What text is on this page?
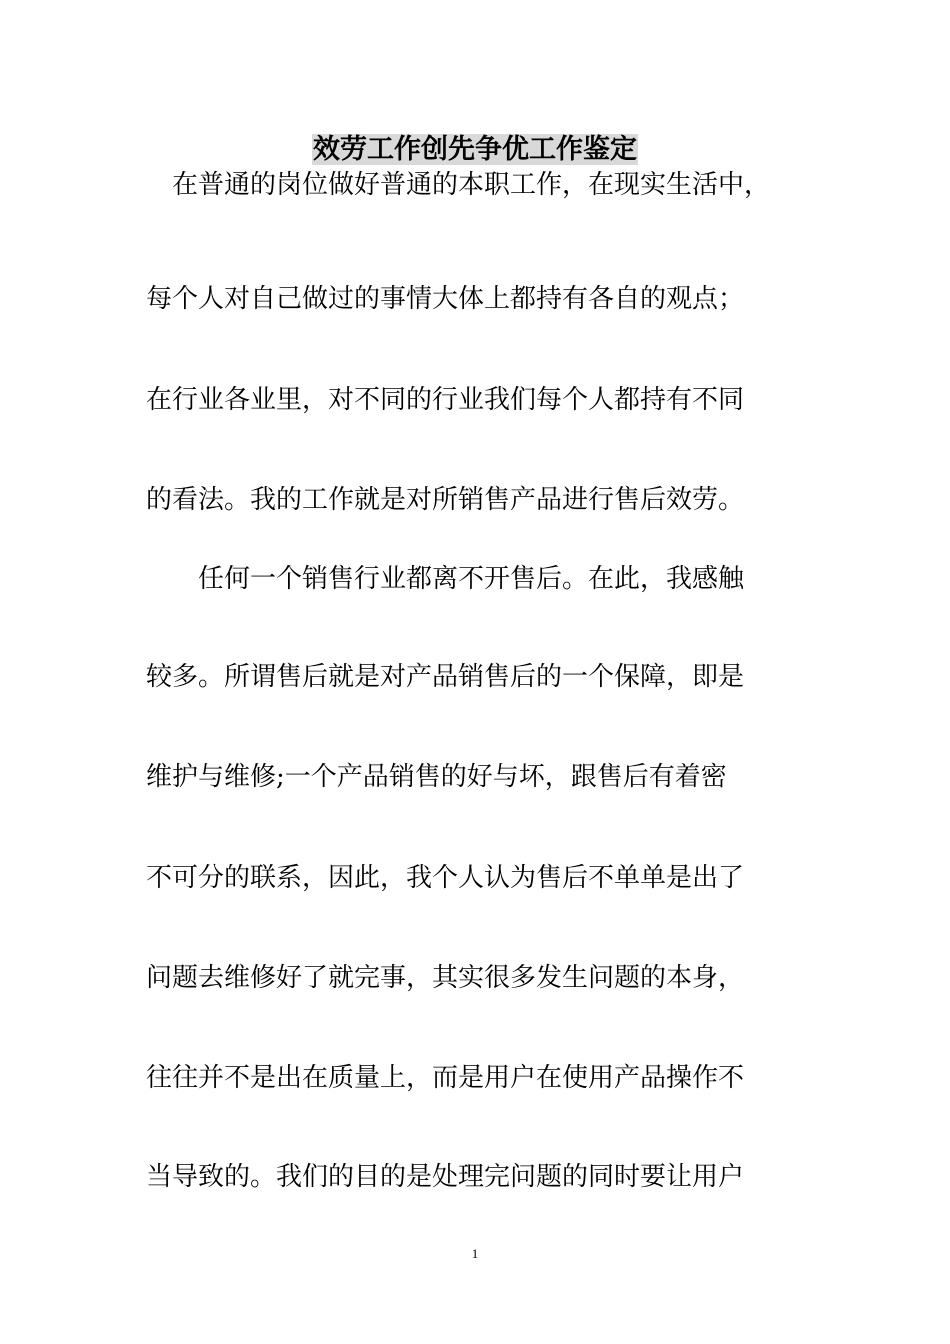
效劳工作创先争优工作鉴定
　在普通的岗位做好普通的本职工作，在现实生活中，
每个人对自己做过的事情大体上都持有各自的观点；
在行业各业里，对不同的行业我们每个人都持有不同
的看法。我的工作就是对所销售产品进行售后效劳。
　　任何一个销售行业都离不开售后。在此，我感触
较多。所谓售后就是对产品销售后的一个保障，即是
维护与维修;一个产品销售的好与坏，跟售后有着密
不可分的联系，因此，我个人认为售后不单单是出了
问题去维修好了就完事，其实很多发生问题的本身，
往往并不是出在质量上，而是用户在使用产品操作不
当导致的。我们的目的是处理完问题的同时要让用户
1
